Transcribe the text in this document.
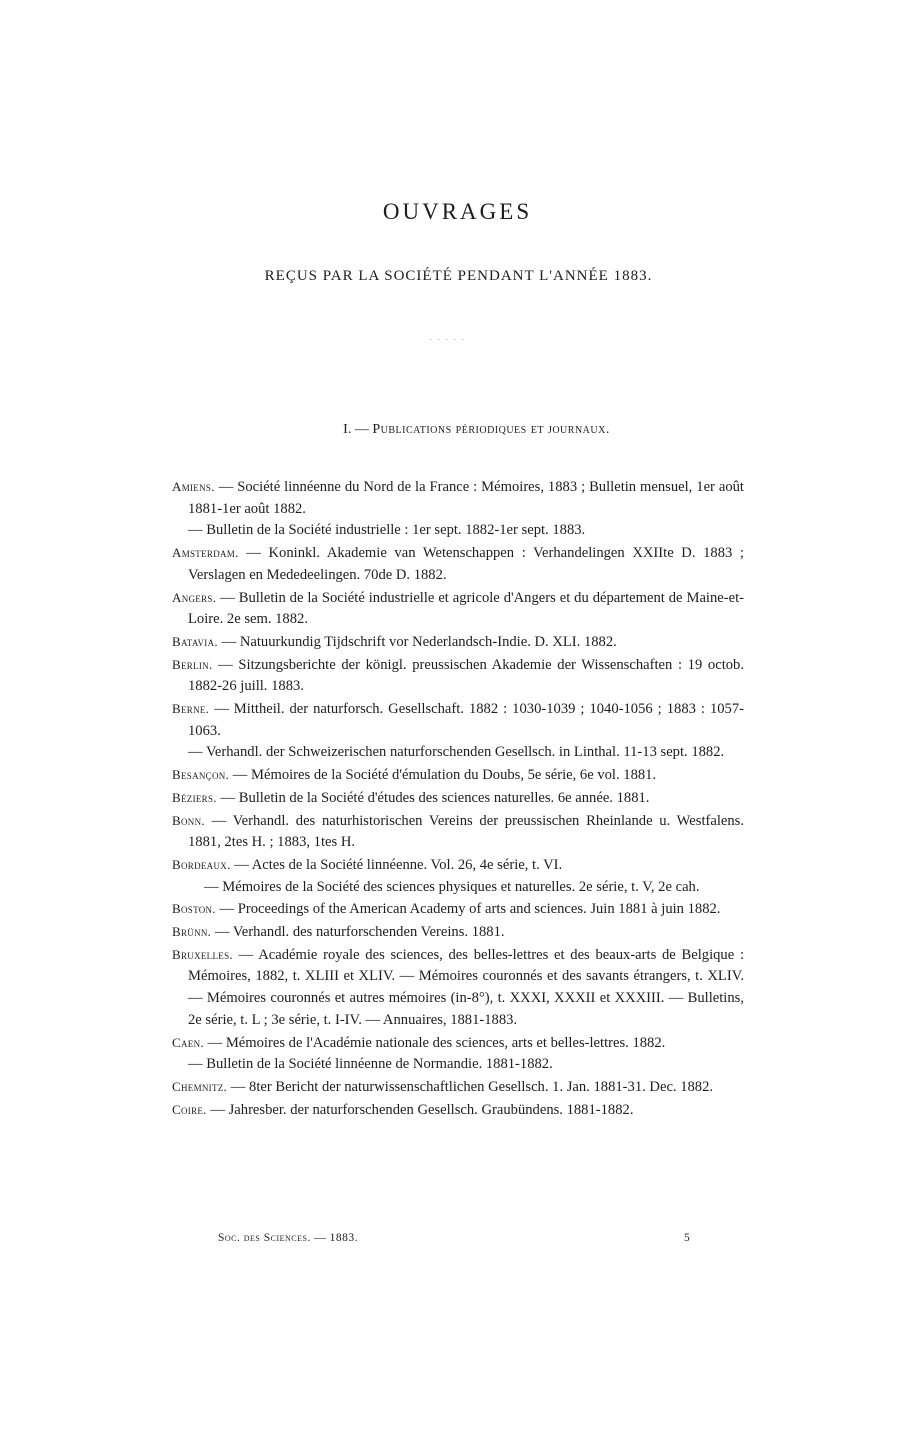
OUVRAGES
REÇUS PAR LA SOCIÉTÉ PENDANT L'ANNÉE 1883.
. . . . .
I. — Publications périodiques et journaux.
Amiens. — Société linnéenne du Nord de la France : Mémoires, 1883 ; Bulletin mensuel, 1er août 1881-1er août 1882.
— Bulletin de la Société industrielle : 1er sept. 1882-1er sept. 1883.
Amsterdam. — Koninkl. Akademie van Wetenschappen : Verhandelingen XXIIte D. 1883 ; Verslagen en Mededeelingen. 70de D. 1882.
Angers. — Bulletin de la Société industrielle et agricole d'Angers et du département de Maine-et-Loire. 2e sem. 1882.
Batavia. — Natuurkundig Tijdschrift vor Nederlandsch-Indie. D. XLI. 1882.
Berlin. — Sitzungsberichte der königl. preussischen Akademie der Wissenschaften : 19 octob. 1882-26 juill. 1883.
Berne. — Mittheil. der naturforsch. Gesellschaft. 1882 : 1030-1039 ; 1040-1056 ; 1883 : 1057-1063.
— Verhandl. der Schweizerischen naturforschenden Gesellsch. in Linthal. 11-13 sept. 1882.
Besançon. — Mémoires de la Société d'émulation du Doubs, 5e série, 6e vol. 1881.
Béziers. — Bulletin de la Société d'études des sciences naturelles. 6e année. 1881.
Bonn. — Verhandl. des naturhistorischen Vereins der preussischen Rheinlande u. Westfalens. 1881, 2tes H. ; 1883, 1tes H.
Bordeaux. — Actes de la Société linnéenne. Vol. 26, 4e série, t. VI.
— Mémoires de la Société des sciences physiques et naturelles. 2e série, t. V, 2e cah.
Boston. — Proceedings of the American Academy of arts and sciences. Juin 1881 à juin 1882.
Brünn. — Verhandl. des naturforschenden Vereins. 1881.
Bruxelles. — Académie royale des sciences, des belles-lettres et des beaux-arts de Belgique : Mémoires, 1882, t. XLIII et XLIV. — Mémoires couronnés et des savants étrangers, t. XLIV. — Mémoires couronnés et autres mémoires (in-8°), t. XXXI, XXXII et XXXIII. — Bulletins, 2e série, t. L ; 3e série, t. I-IV. — Annuaires, 1881-1883.
Caen. — Mémoires de l'Académie nationale des sciences, arts et belles-lettres. 1882.
— Bulletin de la Société linnéenne de Normandie. 1881-1882.
Chemnitz. — 8ter Bericht der naturwissenschaftlichen Gesellsch. 1. Jan. 1881-31. Dec. 1882.
Coire. — Jahresber. der naturforschenden Gesellsch. Graubündens. 1881-1882.
Soc. des Sciences. — 1883.	5
